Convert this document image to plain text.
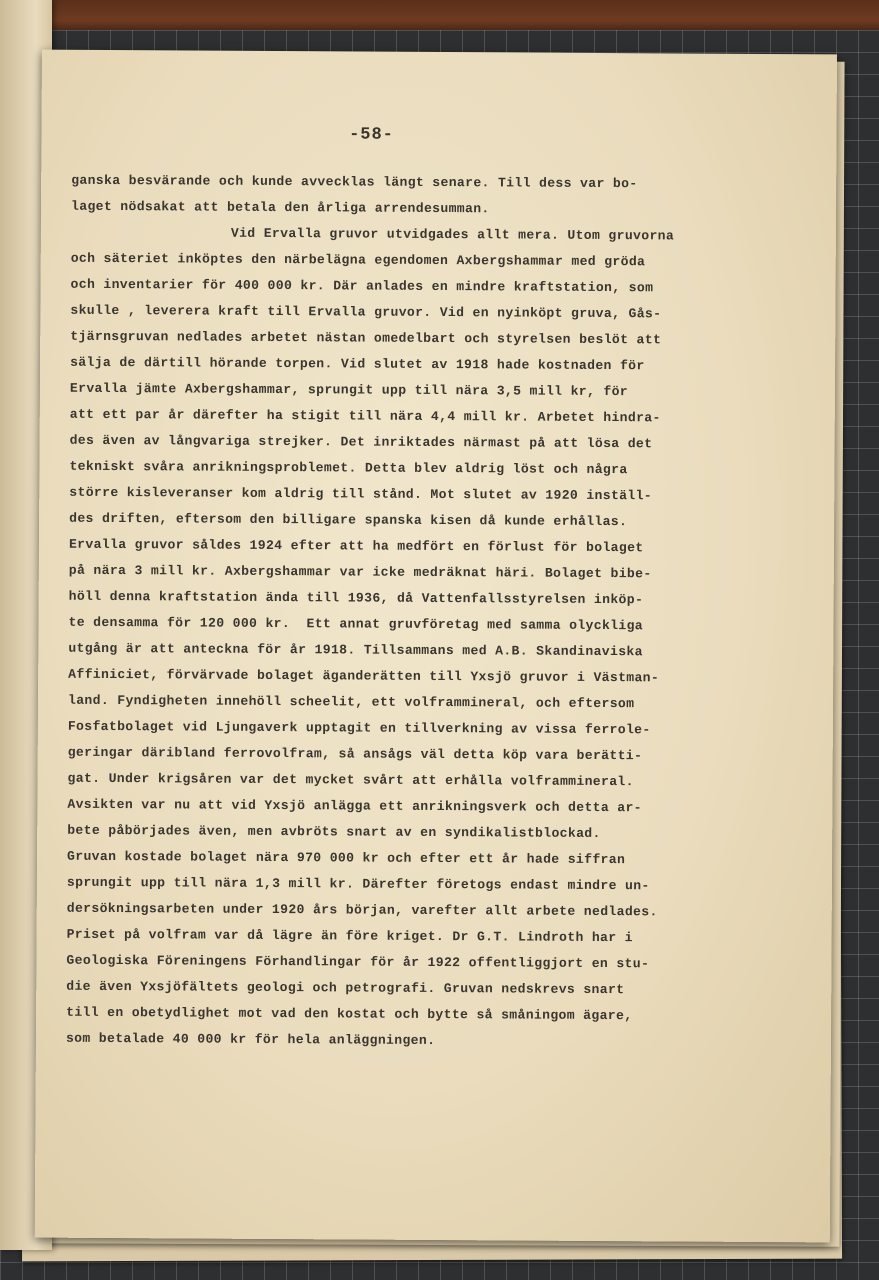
-58-
ganska besvärande och kunde avvecklas längt senare. Till dess var bo-
laget nödsakat att betala den årliga arrendesumman.
Vid Ervalla gruvor utvidgades allt mera. Utom gruvorna
och säteriet inköptes den närbelägna egendomen Axbergshammar med gröda
och inventarier för 400 000 kr. Där anlades en mindre kraftstation, som
skulle , leverera kraft till Ervalla gruvor. Vid en nyinköpt gruva, Gås-
tjärnsgruvan nedlades arbetet nästan omedelbart och styrelsen beslöt att
sälja de därtill hörande torpen. Vid slutet av 1918 hade kostnaden för
Ervalla jämte Axbergshammar, sprungit upp till nära 3,5 mill kr, för
att ett par år därefter ha stigit till nära 4,4 mill kr. Arbetet hindra-
des även av långvariga strejker. Det inriktades närmast på att lösa det
tekniskt svåra anrikningsproblemet. Detta blev aldrig löst och några
större kisleveranser kom aldrig till stånd. Mot slutet av 1920 inställ-
des driften, eftersom den billigare spanska kisen då kunde erhållas.
Ervalla gruvor såldes 1924 efter att ha medfört en förlust för bolaget
på nära 3 mill kr. Axbergshammar var icke medräknat häri. Bolaget bibe-
höll denna kraftstation ända till 1936, då Vattenfallsstyrelsen inköp-
te densamma för 120 000 kr.  Ett annat gruvföretag med samma olyckliga
utgång är att anteckna för år 1918. Tillsammans med A.B. Skandinaviska
Affiniciet, förvärvade bolaget äganderätten till Yxsjö gruvor i Västman-
land. Fyndigheten innehöll scheelit, ett volframmineral, och eftersom
Fosfatbolaget vid Ljungaverk upptagit en tillverkning av vissa ferrole-
geringar däribland ferrovolfram, så ansågs väl detta köp vara berätti-
gat. Under krigsåren var det mycket svårt att erhålla volframmineral.
Avsikten var nu att vid Yxsjö anlägga ett anrikningsverk och detta ar-
bete påbörjades även, men avbröts snart av en syndikalistblockad.
Gruvan kostade bolaget nära 970 000 kr och efter ett år hade siffran
sprungit upp till nära 1,3 mill kr. Därefter företogs endast mindre un-
dersökningsarbeten under 1920 års början, varefter allt arbete nedlades.
Priset på volfram var då lägre än före kriget. Dr G.T. Lindroth har i
Geologiska Föreningens Förhandlingar för år 1922 offentliggjort en stu-
die även Yxsjöfältets geologi och petrografi. Gruvan nedskrevs snart
till en obetydlighet mot vad den kostat och bytte så småningom ägare,
som betalade 40 000 kr för hela anläggningen.
